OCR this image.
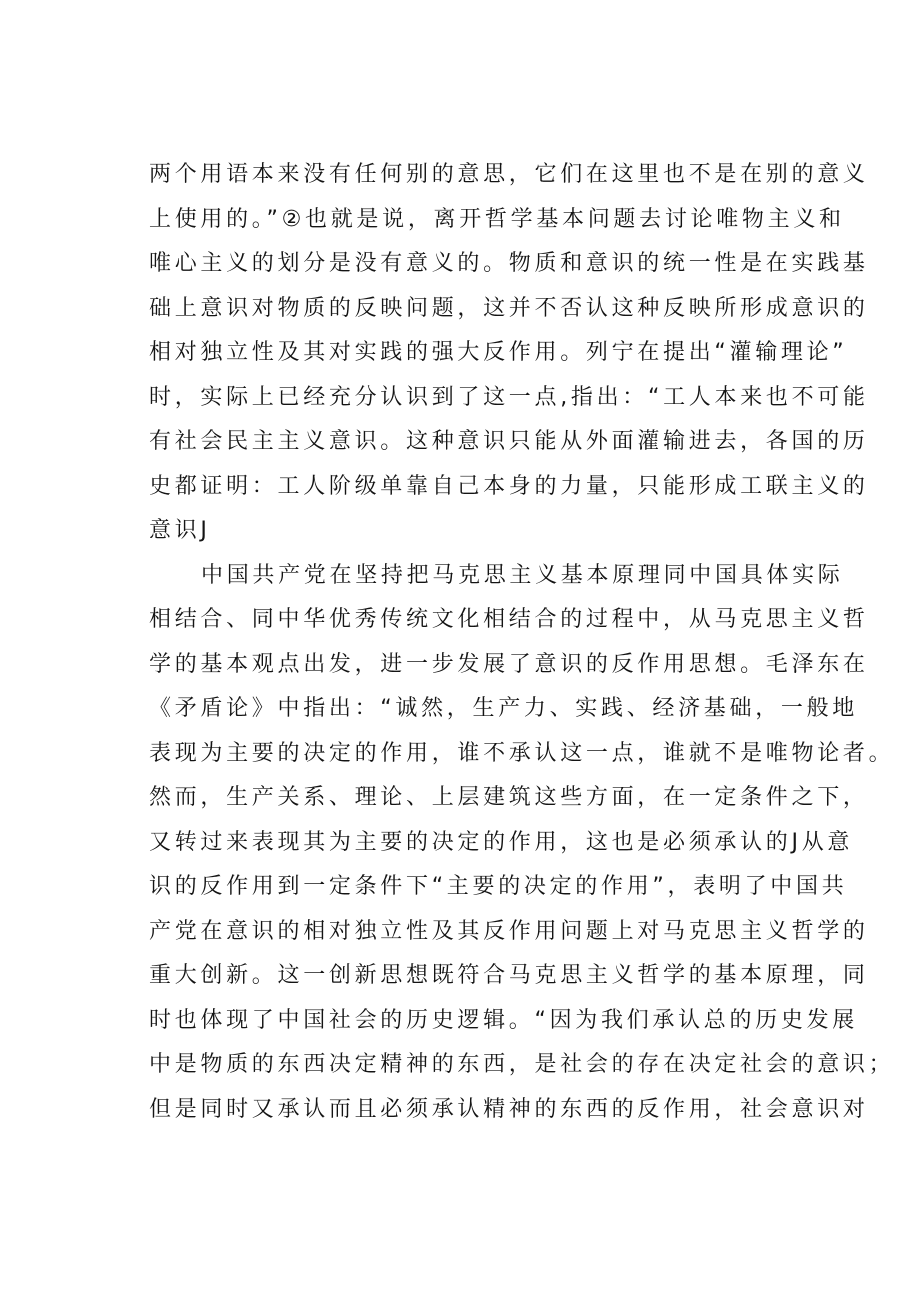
两个用语本来没有任何别的意思，它们在这里也不是在别的意义
上使用的。”②也就是说，离开哲学基本问题去讨论唯物主义和
唯心主义的划分是没有意义的。物质和意识的统一性是在实践基
础上意识对物质的反映问题，这并不否认这种反映所形成意识的
相对独立性及其对实践的强大反作用。列宁在提出“灌输理论”
时，实际上已经充分认识到了这一点,指出：“工人本来也不可能
有社会民主主义意识。这种意识只能从外面灌输进去，各国的历
史都证明：工人阶级单靠自己本身的力量，只能形成工联主义的
意识J
中国共产党在坚持把马克思主义基本原理同中国具体实际
相结合、同中华优秀传统文化相结合的过程中，从马克思主义哲
学的基本观点出发，进一步发展了意识的反作用思想。毛泽东在
《矛盾论》中指出：“诚然，生产力、实践、经济基础，一般地
表现为主要的决定的作用，谁不承认这一点，谁就不是唯物论者。
然而，生产关系、理论、上层建筑这些方面，在一定条件之下，
又转过来表现其为主要的决定的作用，这也是必须承认的J从意
识的反作用到一定条件下“主要的决定的作用”，表明了中国共
产党在意识的相对独立性及其反作用问题上对马克思主义哲学的
重大创新。这一创新思想既符合马克思主义哲学的基本原理，同
时也体现了中国社会的历史逻辑。“因为我们承认总的历史发展
中是物质的东西决定精神的东西，是社会的存在决定社会的意识；
但是同时又承认而且必须承认精神的东西的反作用，社会意识对
